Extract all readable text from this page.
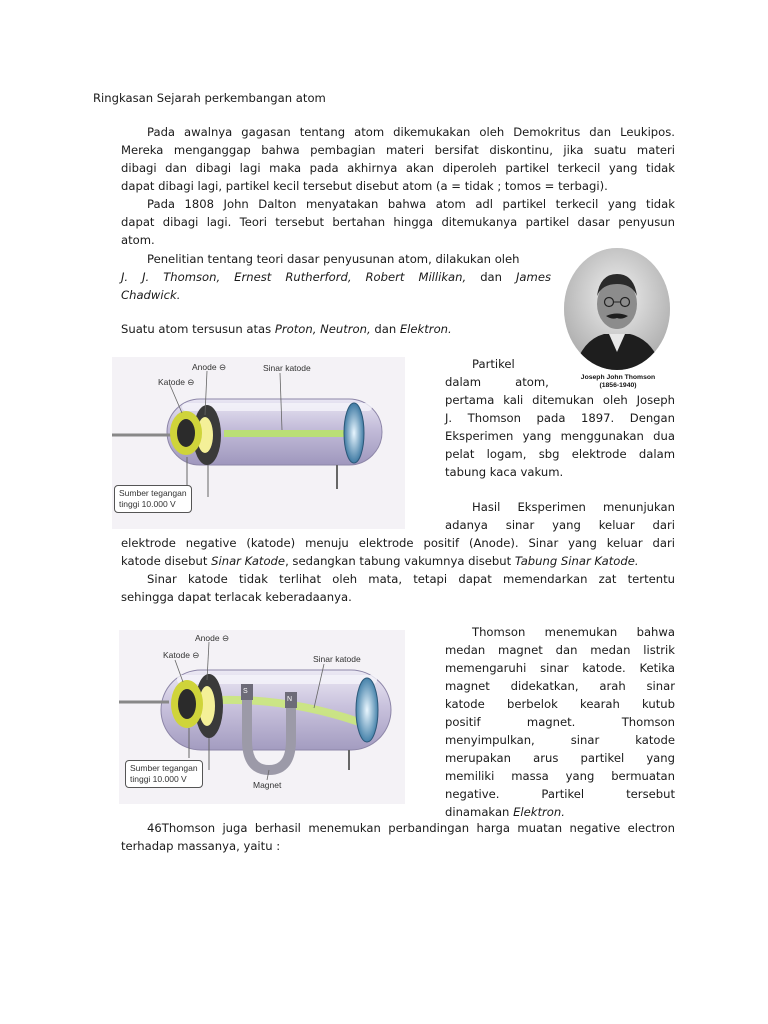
Ringkasan Sejarah perkembangan atom
Pada awalnya gagasan tentang atom dikemukakan oleh Demokritus dan Leukipos.
Mereka menganggap bahwa pembagian materi bersifat diskontinu, jika suatu materi
dibagi dan dibagi lagi maka pada akhirnya akan diperoleh partikel terkecil yang tidak
dapat dibagi lagi, partikel kecil tersebut disebut atom (a = tidak ; tomos = terbagi).
Pada 1808 John Dalton menyatakan bahwa atom adl partikel terkecil yang tidak
dapat dibagi lagi. Teori tersebut bertahan hingga ditemukanya partikel dasar penyusun
atom.
Penelitian tentang teori dasar penyusunan atom, dilakukan oleh
J. J. Thomson, Ernest Rutherford, Robert Millikan, dan James
Chadwick.
Suatu atom tersusun atas Proton, Neutron, dan Elektron.
Joseph John Thomson
(1856-1940)
Anode ⊖
Katode ⊖
Sinar katode
Sumber tegangan
tinggi 10.000 V
Partikel
dalam	atom,
pertama kali ditemukan oleh Joseph
J. Thomson pada 1897. Dengan
Eksperimen yang menggunakan dua
pelat logam, sbg elektrode dalam
tabung kaca vakum.
Hasil Eksperimen menunjukan
adanya sinar yang keluar dari
elektrode negative (katode) menuju elektrode positif (Anode). Sinar yang keluar dari
katode disebut Sinar Katode, sedangkan tabung vakumnya disebut Tabung Sinar Katode.
Sinar katode tidak terlihat oleh mata, tetapi dapat memendarkan zat tertentu
sehingga dapat terlacak keberadaanya.
Anode ⊖
Katode ⊖	Sinar katode
S
N
Magnet
Sumber tegangan
tinggi 10.000 V
Thomson menemukan bahwa
medan magnet dan medan listrik
memengaruhi sinar katode. Ketika
magnet didekatkan, arah sinar
katode berbelok kearah kutub
positif magnet. Thomson
menyimpulkan, sinar katode
merupakan arus partikel yang
memiliki massa yang bermuatan
negative. Partikel tersebut
dinamakan Elektron.
46Thomson juga berhasil menemukan perbandingan harga muatan negative electron
terhadap massanya, yaitu :
